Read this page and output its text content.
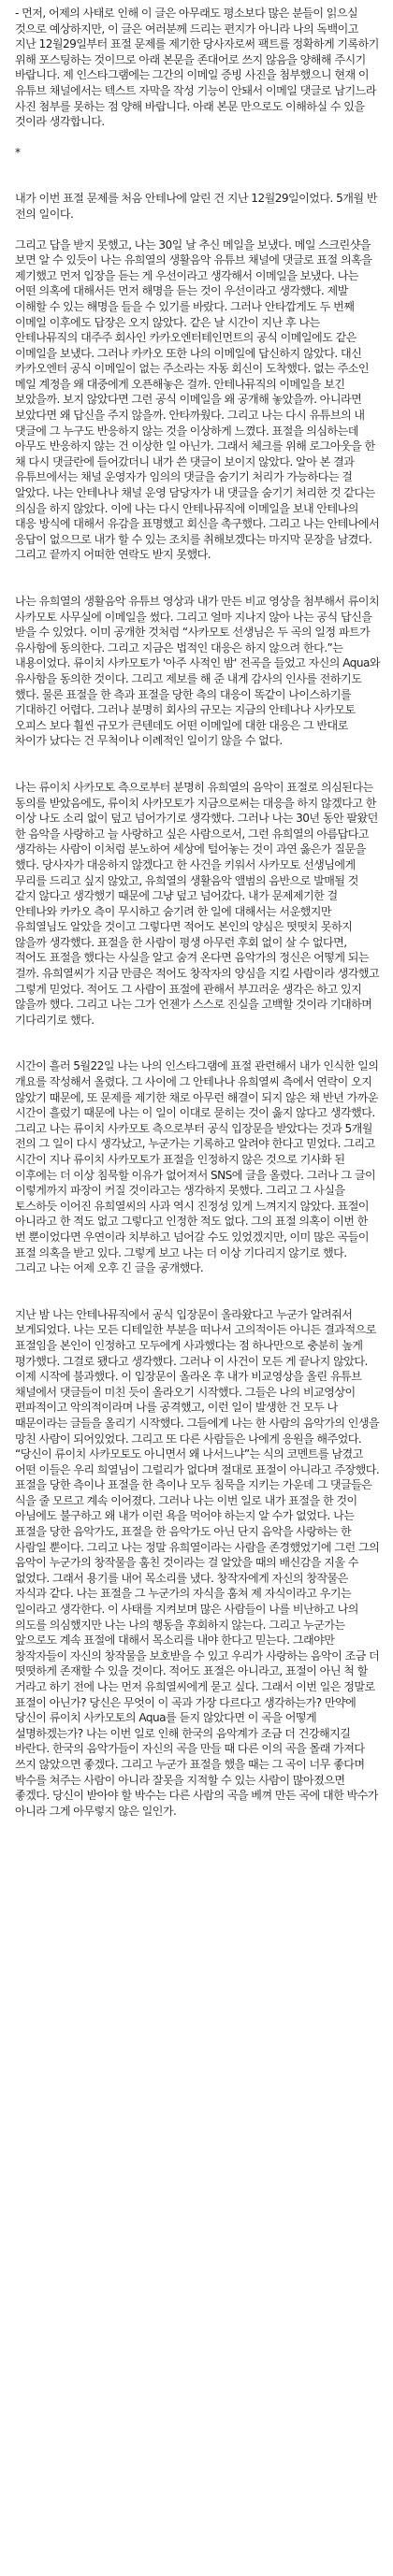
- 먼저, 어제의 사태로 인해 이 글은 아무래도 평소보다 많은 분들이 읽으실 것으로 예상하지만, 이 글은 여러분께 드리는 편지가 아니라 나의 독백이고 지난 12월29일부터 표절 문제를 제기한 당사자로써 팩트를 정확하게 기록하기 위해 포스팅하는 것이므로 아래 본문을 존대어로 쓰지 않음을 양해해 주시기 바랍니다. 제 인스타그램에는 그간의 이메일 증빙 사진을 첨부했으니 현재 이 유튜브 채널에서는 텍스트 자막을 작성 기능이 안돼서 이메일 댓글로 남기느라 사진 첨부를 못하는 점 양해 바랍니다. 아래 본문 만으로도 이해하실 수 있을 것이라 생각합니다.

*

내가 이번 표절 문제를 처음 안테나에 알린 건 지난 12월29일이었다. 5개월 반 전의 일이다.

그리고 답을 받지 못했고, 나는 30일 날 추신 메일을 보냈다. 메일 스크린샷을 보면 알 수 있듯이 나는 유희열의 생활음악 유튜브 채널에 댓글로 표절 의혹을 제기했고 먼저 입장을 듣는 게 우선이라고 생각해서 이메일을 보냈다. 나는 어떤 의혹에 대해서든 먼저 해명을 듣는 것이 우선이라고 생각했다. 제발 이해할 수 있는 해명을 들을 수 있기를 바랐다. 그러나 안타깝게도 두 번째 이메일 이후에도 답장은 오지 않았다. 같은 날 시간이 지난 후 나는 안테나뮤직의 대주주 회사인 카카오엔터테인먼트의 공식 이메일에도 같은 이메일을 보냈다. 그러나 카카오 또한 나의 이메일에 답신하지 않았다. 대신 카카오엔터 공식 이메일이 없는 주소라는 자동 회신이 도착했다. 없는 주소인 메일 계정을 왜 대중에게 오픈해놓은 걸까. 안테나뮤직의 이메일을 보긴 보았을까. 보지 않았다면 그런 공식 이메일을 왜 공개해 놓았을까. 아니라면 보았다면 왜 답신을 주지 않을까. 안타까웠다. 그리고 나는 다시 유튜브의 내 댓글에 그 누구도 반응하지 않는 것을 이상하게 느꼈다. 표절을 의심하는데 아무도 반응하지 않는 건 이상한 일 아닌가. 그래서 체크를 위해 로그아웃을 한 채 다시 댓글란에 들어갔더니 내가 쓴 댓글이 보이지 않았다. 알아 본 결과 유튜브에서는 채널 운영자가 임의의 댓글을 숨기기 처리가 가능하다는 걸 알았다. 나는 안테나나 채널 운영 담당자가 내 댓글을 숨기기 처리한 것 같다는 의심을 하지 않았다. 이에 나는 다시 안테나뮤직에 이메일을 보내 안테나의 대응 방식에 대해서 유감을 표명했고 회신을 촉구했다. 그리고 나는 안테나에서 응답이 없으므로 내가 할 수 있는 조치를 취해보겠다는 마지막 문장을 남겼다. 그리고 끝까지 어떠한 연락도 받지 못했다.

나는 유희열의 생활음악 유튜브 영상과 내가 만든 비교 영상을 첨부해서 류이치 사카모토 사무실에 이메일을 썼다. 그리고 얼마 지나지 않아 나는 공식 답신을 받을 수 있었다. 이미 공개한 것처럼 “사카모토 선생님은 두 곡의 일정 파트가 유사함에 동의한다. 그리고 지금은 법적인 대응은 하지 않으려 한다.”는 내용이었다. 류이치 사카모토가 '아주 사적인 밤' 전곡을 들었고 자신의 Aqua와 유사함을 동의한 것이다. 그리고 제보를 해 준 내게 감사의 인사를 전하기도 했다. 물론 표절을 한 측과 표절을 당한 측의 대응이 똑같이 나이스하기를 기대하긴 어렵다. 그러나 분명히 회사의 규모는 지금의 안테나나 사카모토 오피스 보다 훨씬 규모가 큰텐데도 어떤 이메일에 대한 대응은 그 반대로 차이가 났다는 건 무척이나 이례적인 일이기 않을 수 없다.

나는 류이치 사카모토 측으로부터 분명히 유희열의 음악이 표절로 의심된다는 동의를 받았음에도, 류이치 사카모토가 지금으로써는 대응을 하지 않겠다고 한 이상 나도 소리 없이 덮고 넘어가기로 생각했다. 그러나 나는 30년 동안 팔왔던 한 음악을 사랑하고 늘 사랑하고 싶은 사람으로서, 그런 유희열의 아름답다고 생각하는 사람이 이처럼 분노하여 세상에 털어놓는 것이 과연 옳은가 질문을 했다. 당사자가 대응하지 않겠다고 한 사건을 키워서 사카모토 선생님에게 무리를 드리고 싶지 않았고, 유희열의 생활음악 앨범의 음반으로 발매될 것 같지 않다고 생각했기 때문에 그냥 덮고 넘어갔다. 내가 문제제기한 걸 안테나와 카카오 측이 무시하고 숨기려 한 일에 대해서는 서운했지만 유희열님도 알았을 것이고 그렇다면 적어도 본인의 양심은 떳떳치 못하지 않을까 생각했다. 표절을 한 사람이 평생 아무런 후회 없이 살 수 없다면, 적어도 표절을 했다는 사실을 알고 숨겨 온다면 음악가의 정신은 어떻게 되는 걸까. 유희열씨가 지금 만큼은 적어도 창작자의 양심을 지킬 사람이라 생각했고 그렇게 믿었다. 적어도 그 사람이 표절에 관해서 부끄러운 생각은 하고 있지 않을까 했다. 그리고 나는 그가 언젠가 스스로 진실을 고백할 것이라 기대하며 기다리기로 했다.

시간이 흘러 5월22일 나는 나의 인스타그램에 표절 관련해서 내가 인식한 일의 개요를 작성해서 올렸다. 그 사이에 그 안테나나 유희열씨 측에서 연락이 오지 않았기 때문에, 또 문제를 제기한 채로 아무런 해결이 되지 않은 채 반년 가까운 시간이 흘렀기 때문에 나는 이 일이 이대로 묻히는 것이 옳지 않다고 생각했다. 그리고 나는 류이치 사카모토 측으로부터 공식 입장문을 받았다는 것과 5개월 전의 그 일이 다시 생각났고, 누군가는 기록하고 알려야 한다고 믿었다. 그리고 시간이 지나 류이치 사카모토가 표절을 인정하지 않은 것으로 기사화 된 이후에는 더 이상 침묵할 이유가 없어져서 SNS에 글을 올렸다. 그러나 그 글이 이렇게까지 파장이 커질 것이라고는 생각하지 못했다. 그리고 그 사실을 토스하듯 이어진 유희열씨의 사과 역시 진정성 있게 느껴지지 않았다. 표절이 아니라고 한 적도 없고 그렇다고 인정한 적도 없다. 그의 표절 의혹이 이번 한 번 뿐이었다면 우연이라 치부하고 넘어갈 수도 있었겠지만, 이미 많은 곡들이 표절 의혹을 받고 있다. 그렇게 보고 나는 더 이상 기다리지 않기로 했다. 그리고 나는 어제 오후 긴 글을 공개했다.

지난 밤 나는 안테나뮤직에서 공식 입장문이 올라왔다고 누군가 알려줘서 보게되었다. 나는 모든 디테일한 부분을 떠나서 고의적이든 아니든 결과적으로 표절임을 본인이 인정하고 모두에게 사과했다는 점 하나만으로 충분히 높게 평가했다. 그걸로 됐다고 생각했다. 그러나 이 사건이 모든 게 끝나지 않았다. 이제 시작에 불과했다. 이 입장문이 올라온 후 내가 비교영상을 올린 유튜브 채널에서 댓글들이 미친 듯이 올라오기 시작했다. 그들은 나의 비교영상이 편파적이고 악의적이라며 나를 공격했고, 이런 일이 발생한 건 모두 나 때문이라는 글들을 올리기 시작했다. 그들에게 나는 한 사람의 음악가의 인생을 망친 사람이 되어있었다. 그리고 또 다른 사람들은 나에게 응원을 해주었다. “당신이 류이치 사카모토도 아니면서 왜 나서느냐”는 식의 코멘트를 남겼고 어떤 이들은 우리 희열님이 그럴리가 없다며 절대로 표절이 아니라고 주장했다. 표절을 당한 측이나 표절을 한 측이나 모두 침묵을 지키는 가운데 그 댓글들은 식을 줄 모르고 계속 이어졌다. 그러나 나는 이번 일로 내가 표절을 한 것이 아님에도 불구하고 왜 내가 이런 욕을 먹어야 하는지 알 수가 없었다. 나는 표절을 당한 음악가도, 표절을 한 음악가도 아닌 단지 음악을 사랑하는 한 사람일 뿐이다. 그리고 나는 정말 유희열이라는 사람을 존경했었기에 그런 그의 음악이 누군가의 창작물을 훔친 것이라는 걸 알았을 때의 배신감을 지울 수 없었다. 그래서 용기를 내어 목소리를 냈다. 창작자에게 자신의 창작물은 자식과 같다. 나는 표절을 그 누군가의 자식을 훔쳐 제 자식이라고 우기는 일이라고 생각한다. 이 사태를 지켜보며 많은 사람들이 나를 비난하고 나의 의도를 의심했지만 나는 나의 행동을 후회하지 않는다. 그리고 누군가는 앞으로도 계속 표절에 대해서 목소리를 내야 한다고 믿는다. 그래야만 창작자들이 자신의 창작물을 보호받을 수 있고 우리가 사랑하는 음악이 조금 더 떳떳하게 존재할 수 있을 것이다. 적어도 표절은 아니라고, 표절이 아닌 척 할 거라고 하기 전에 나는 먼저 유희열씨에게 묻고 싶다. 그래서 이번 일은 정말로 표절이 아닌가? 당신은 무엇이 이 곡과 가장 다르다고 생각하는가? 만약에 당신이 류이치 사카모토의 Aqua를 듣지 않았다면 이 곡을 어떻게 설명하겠는가? 나는 이번 일로 인해 한국의 음악계가 조금 더 건강해지길 바란다. 한국의 음악가들이 자신의 곡을 만들 때 다른 이의 곡을 몰래 가져다 쓰지 않았으면 좋겠다. 그리고 누군가 표절을 했을 때는 그 곡이 너무 좋다며 박수를 쳐주는 사람이 아니라 잘못을 지적할 수 있는 사람이 많아졌으면 좋겠다. 당신이 받아야 할 박수는 다른 사람의 곡을 베껴 만든 곡에 대한 박수가 아니라 그게 아무렇지 않은 일인가.
